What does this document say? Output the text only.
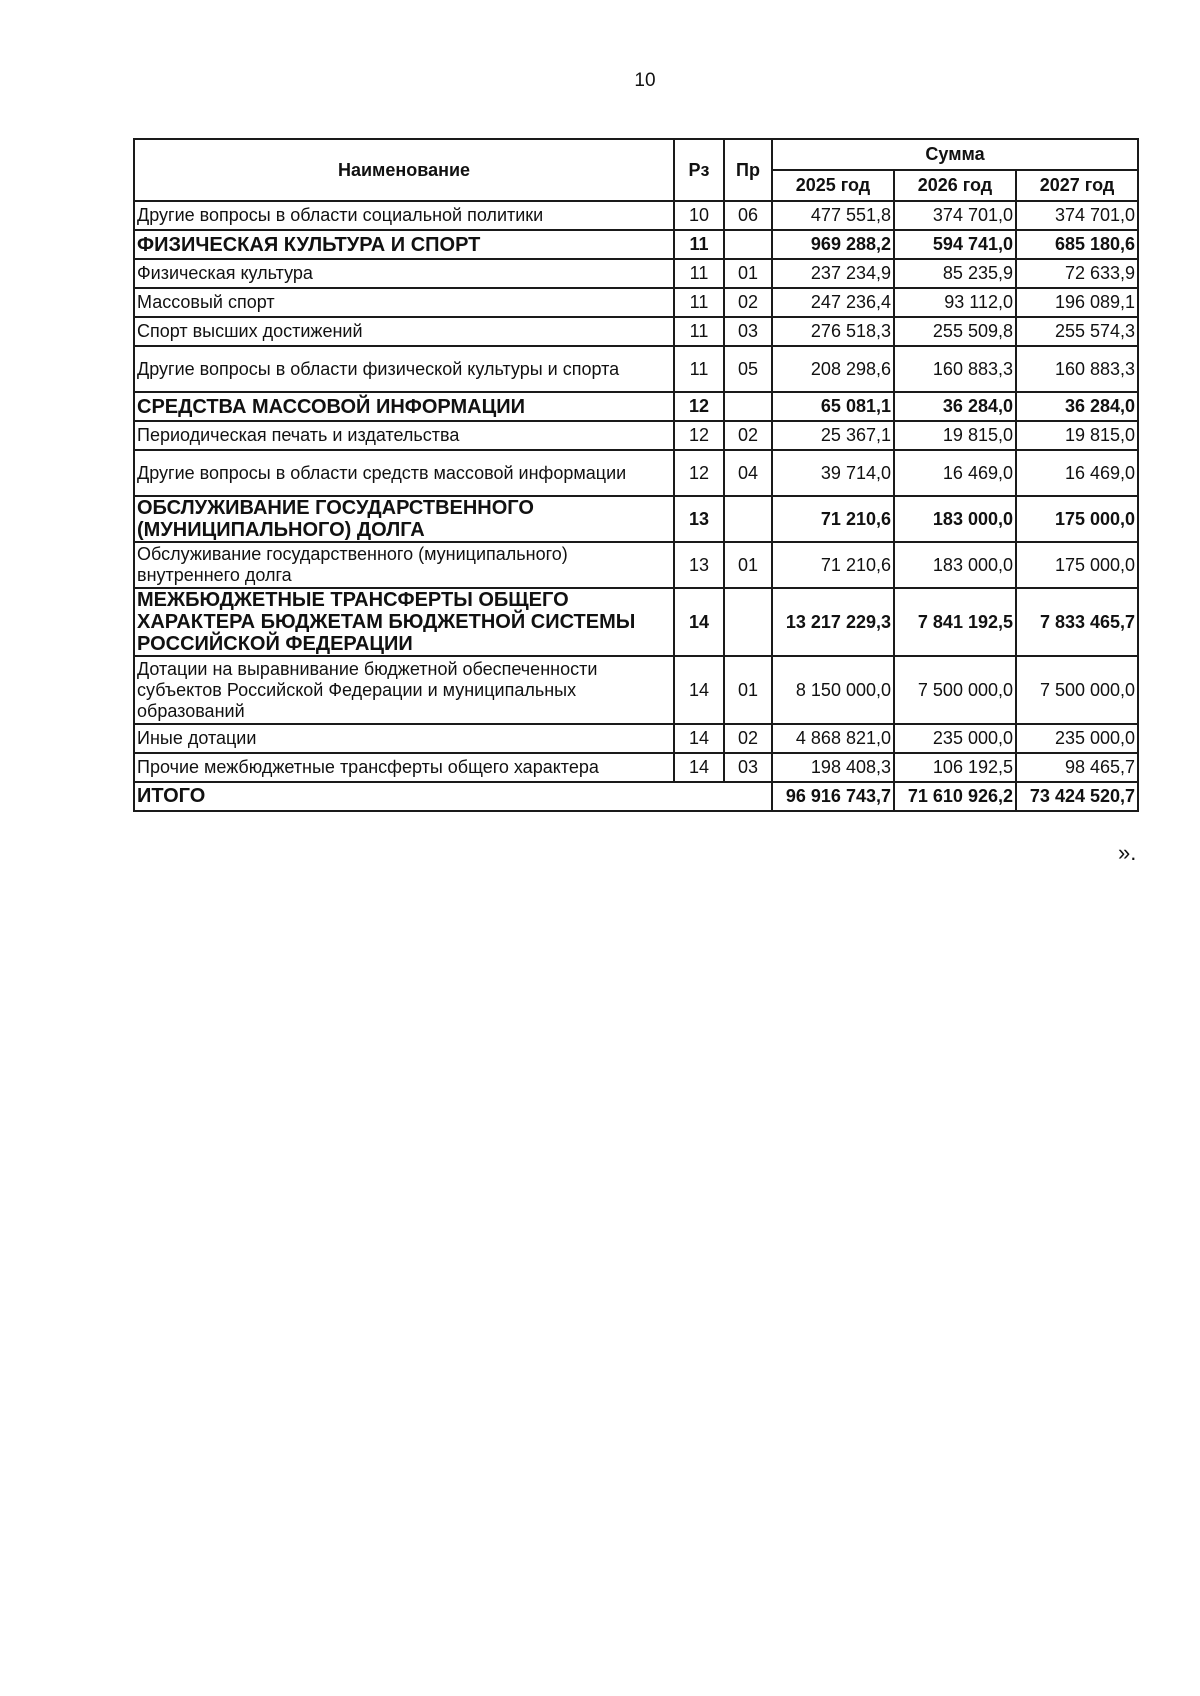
10
Наименование	Рз	Пр	Сумма		
			2025 год	2026 год	2027 год
Другие вопросы в области социальной политики	10	06	477 551,8	374 701,0	374 701,0
ФИЗИЧЕСКАЯ КУЛЬТУРА И СПОРТ	11		969 288,2	594 741,0	685 180,6
Физическая культура	11	01	237 234,9	85 235,9	72 633,9
Массовый спорт	11	02	247 236,4	93 112,0	196 089,1
Спорт высших достижений	11	03	276 518,3	255 509,8	255 574,3
Другие вопросы в области физической культуры и спорта	11	05	208 298,6	160 883,3	160 883,3
СРЕДСТВА МАССОВОЙ ИНФОРМАЦИИ	12		65 081,1	36 284,0	36 284,0
Периодическая печать и издательства	12	02	25 367,1	19 815,0	19 815,0
Другие вопросы в области средств массовой информации	12	04	39 714,0	16 469,0	16 469,0
ОБСЛУЖИВАНИЕ ГОСУДАРСТВЕННОГО (МУНИЦИПАЛЬНОГО) ДОЛГА	13		71 210,6	183 000,0	175 000,0
Обслуживание государственного (муниципального) внутреннего долга	13	01	71 210,6	183 000,0	175 000,0
МЕЖБЮДЖЕТНЫЕ ТРАНСФЕРТЫ ОБЩЕГО ХАРАКТЕРА БЮДЖЕТАМ БЮДЖЕТНОЙ СИСТЕМЫ РОССИЙСКОЙ ФЕДЕРАЦИИ	14		13 217 229,3	7 841 192,5	7 833 465,7
Дотации на выравнивание бюджетной обеспеченности субъектов Российской Федерации и муниципальных образований	14	01	8 150 000,0	7 500 000,0	7 500 000,0
Иные дотации	14	02	4 868 821,0	235 000,0	235 000,0
Прочие межбюджетные трансферты общего характера	14	03	198 408,3	106 192,5	98 465,7
ИТОГО			96 916 743,7	71 610 926,2	73 424 520,7
».
